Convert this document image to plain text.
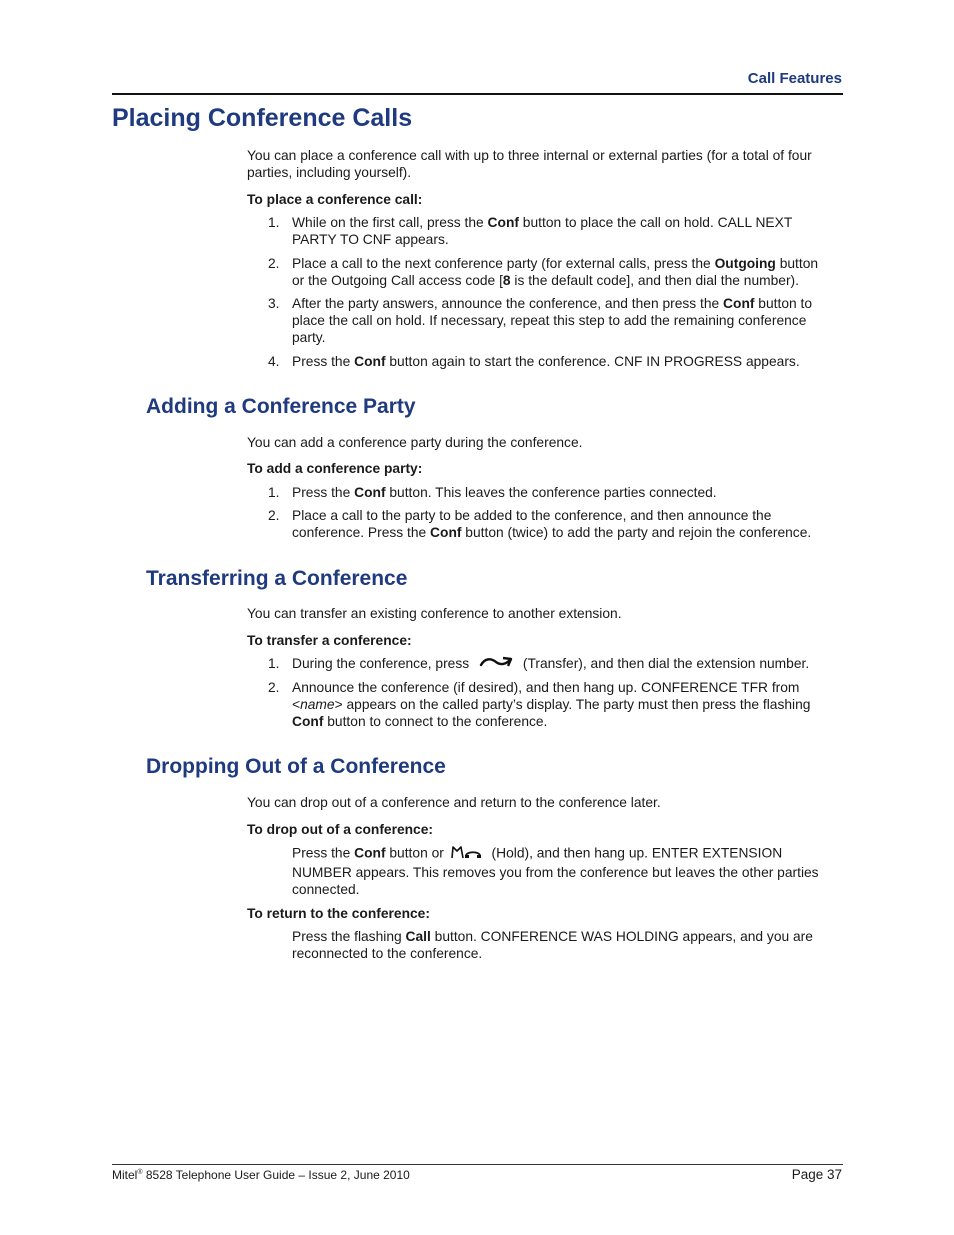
Call Features
Placing Conference Calls
You can place a conference call with up to three internal or external parties (for a total of four parties, including yourself).
To place a conference call:
1. While on the first call, press the Conf button to place the call on hold. CALL NEXT PARTY TO CNF appears.
2. Place a call to the next conference party (for external calls, press the Outgoing button or the Outgoing Call access code [8 is the default code], and then dial the number).
3. After the party answers, announce the conference, and then press the Conf button to place the call on hold. If necessary, repeat this step to add the remaining conference party.
4. Press the Conf button again to start the conference. CNF IN PROGRESS appears.
Adding a Conference Party
You can add a conference party during the conference.
To add a conference party:
1. Press the Conf button. This leaves the conference parties connected.
2. Place a call to the party to be added to the conference, and then announce the conference. Press the Conf button (twice) to add the party and rejoin the conference.
Transferring a Conference
You can transfer an existing conference to another extension.
To transfer a conference:
1. During the conference, press	(Transfer), and then dial the extension number.
2. Announce the conference (if desired), and then hang up. CONFERENCE TFR from <name> appears on the called party’s display. The party must then press the flashing Conf button to connect to the conference.
Dropping Out of a Conference
You can drop out of a conference and return to the conference later.
To drop out of a conference:
Press the Conf button or	(Hold), and then hang up. ENTER EXTENSION NUMBER appears. This removes you from the conference but leaves the other parties connected.
To return to the conference:
Press the flashing Call button. CONFERENCE WAS HOLDING appears, and you are reconnected to the conference.
Mitel® 8528 Telephone User Guide – Issue 2, June 2010	Page 37
